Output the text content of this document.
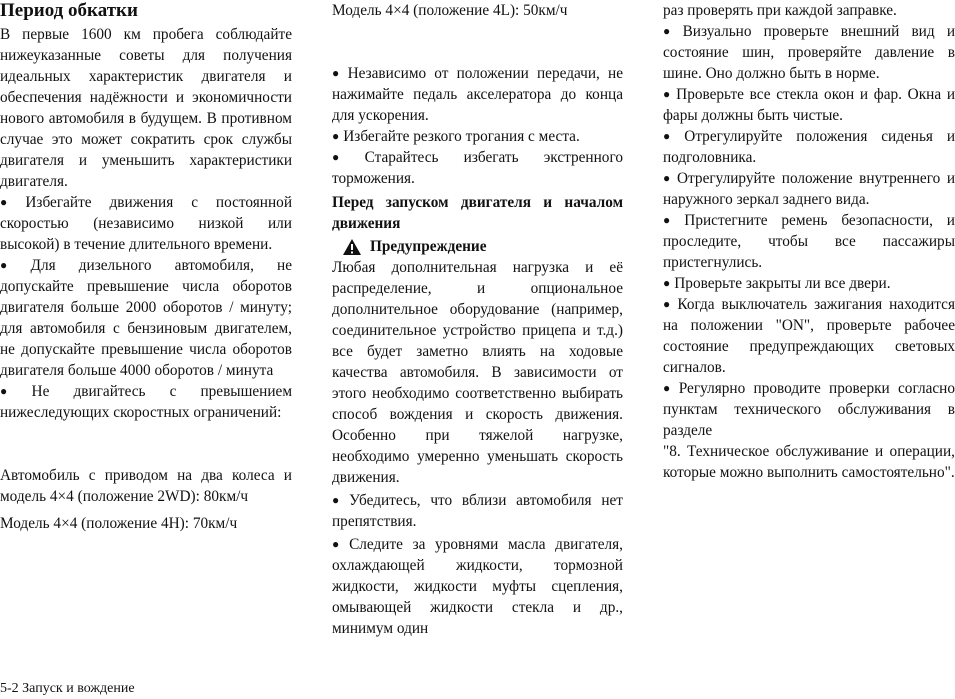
Период обкатки

В первые 1600 км пробега соблюдайте нижеуказанные советы для получения идеальных характеристик двигателя и обеспечения надёжности и экономичности нового автомобиля в будущем. В противном случае это может сократить срок службы двигателя и уменьшить характеристики двигателя.

● Избегайте движения с постоянной скоростью (независимо низкой или высокой) в течение длительного времени.

● Для дизельного автомобиля, не допускайте превышение числа оборотов двигателя больше 2000 оборотов / минуту; для автомобиля с бензиновым двигателем, не допускайте превышение числа оборотов двигателя больше 4000 оборотов / минута

● Не двигайтесь с превышением нижеследующих скоростных ограничений:

Автомобиль с приводом на два колеса и модель 4×4 (положение 2WD): 80км/ч

Модель 4×4 (положение 4H): 70км/ч

Модель 4×4 (положение 4L): 50км/ч

● Независимо от положении передачи, не нажимайте педаль акселератора до конца для ускорения.

● Избегайте резкого трогания с места.

● Старайтесь избегать экстренного торможения.

Перед запуском двигателя и началом движения

Предупреждение

Любая дополнительная нагрузка и её распределение, и опциональное дополнительное оборудование (например, соединительное устройство прицепа и т.д.) все будет заметно влиять на ходовые качества автомобиля. В зависимости от этого необходимо соответственно выбирать способ вождения и скорость движения. Особенно при тяжелой нагрузке, необходимо умеренно уменьшать скорость движения.

● Убедитесь, что вблизи автомобиля нет препятствия.

● Следите за уровнями масла двигателя, охлаждающей жидкости, тормозной жидкости, жидкости муфты сцепления, омывающей жидкости стекла и др., минимум один

раз проверять при каждой заправке.

● Визуально проверьте внешний вид и состояние шин, проверяйте давление в шине. Оно должно быть в норме.

● Проверьте все стекла окон и фар. Окна и фары должны быть чистые.

● Отрегулируйте положения сиденья и подголовника.

● Отрегулируйте положение внутреннего и наружного зеркал заднего вида.

● Пристегните ремень безопасности, и проследите, чтобы все пассажиры пристегнулись.

● Проверьте закрыты ли все двери.

● Когда выключатель зажигания находится на положении "ON", проверьте рабочее состояние предупреждающих световых сигналов.

● Регулярно проводите проверки согласно пунктам технического обслуживания в разделе

"8. Техническое обслуживание и операции, которые можно выполнить самостоятельно".

5-2 Запуск и вождение
